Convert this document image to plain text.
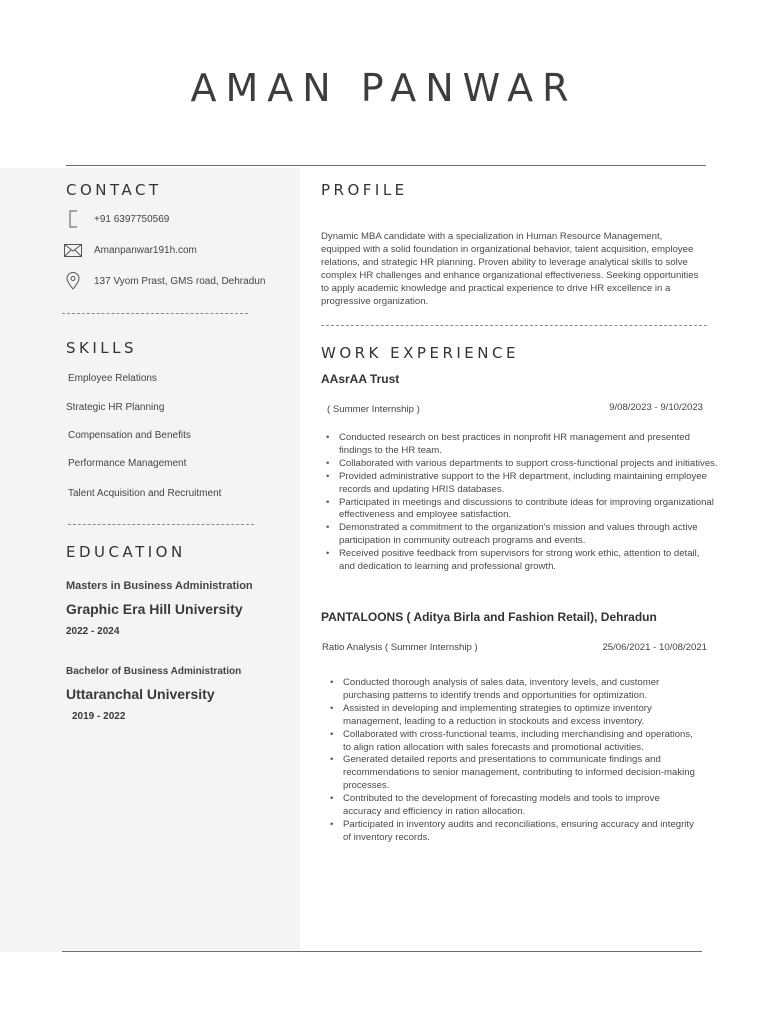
AMAN PANWAR
CONTACT
+91 6397750569
Amanpanwar191h.com
137 Vyom Prast, GMS road, Dehradun
SKILLS
Employee Relations
Strategic HR Planning
Compensation and Benefits
Performance Management
Talent Acquisition and Recruitment
EDUCATION
Masters in Business Administration
Graphic Era Hill University
2022 - 2024
Bachelor of Business Administration
Uttaranchal University
2019 - 2022
PROFILE
Dynamic MBA candidate with a specialization in Human Resource Management, equipped with a solid foundation in organizational behavior, talent acquisition, employee relations, and strategic HR planning. Proven ability to leverage analytical skills to solve complex HR challenges and enhance organizational effectiveness. Seeking opportunities to apply academic knowledge and practical experience to drive HR excellence in a progressive organization.
WORK EXPERIENCE
AAsrAA Trust
( Summer Internship )	9/08/2023 - 9/10/2023
• Conducted research on best practices in nonprofit HR management and presented findings to the HR team.
• Collaborated with various departments to support cross-functional projects and initiatives.
• Provided administrative support to the HR department, including maintaining employee records and updating HRIS databases.
• Participated in meetings and discussions to contribute ideas for improving organizational effectiveness and employee satisfaction.
• Demonstrated a commitment to the organization's mission and values through active participation in community outreach programs and events.
• Received positive feedback from supervisors for strong work ethic, attention to detail, and dedication to learning and professional growth.
PANTALOONS ( Aditya Birla and Fashion Retail), Dehradun
Ratio Analysis ( Summer Internship )	25/06/2021 - 10/08/2021
• Conducted thorough analysis of sales data, inventory levels, and customer purchasing patterns to identify trends and opportunities for optimization.
• Assisted in developing and implementing strategies to optimize inventory management, leading to a reduction in stockouts and excess inventory.
• Collaborated with cross-functional teams, including merchandising and operations, to align ration allocation with sales forecasts and promotional activities.
• Generated detailed reports and presentations to communicate findings and recommendations to senior management, contributing to informed decision-making processes.
• Contributed to the development of forecasting models and tools to improve accuracy and efficiency in ration allocation.
• Participated in inventory audits and reconciliations, ensuring accuracy and integrity of inventory records.
